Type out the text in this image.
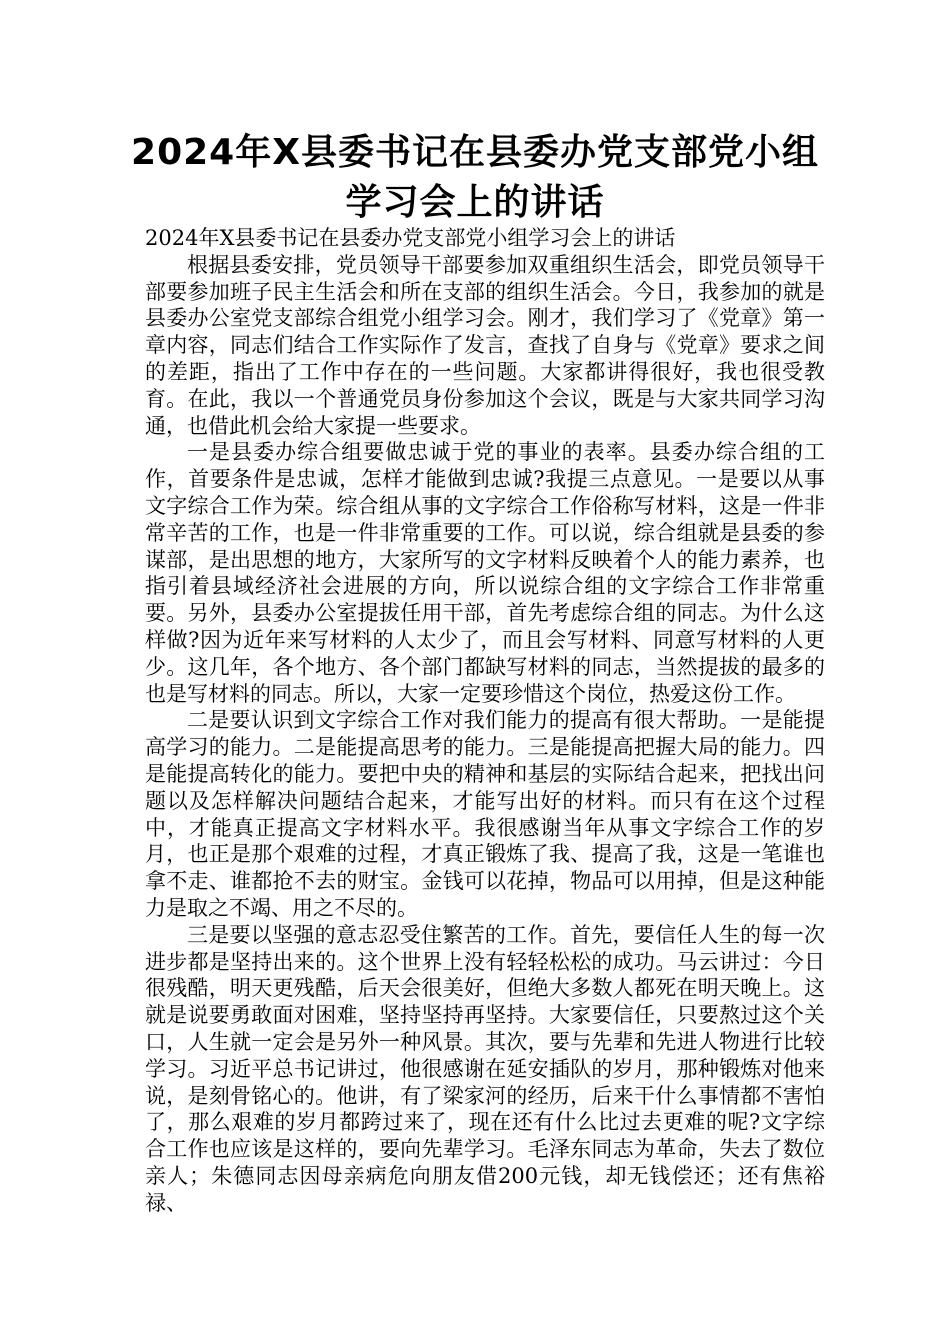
2024年X县委书记在县委办党支部党小组学习会上的讲话

2024年X县委书记在县委办党支部党小组学习会上的讲话

根据县委安排，党员领导干部要参加双重组织生活会，即党员领导干部要参加班子民主生活会和所在支部的组织生活会。今日，我参加的就是县委办公室党支部综合组党小组学习会。刚才，我们学习了《党章》第一章内容，同志们结合工作实际作了发言，查找了自身与《党章》要求之间的差距，指出了工作中存在的一些问题。大家都讲得很好，我也很受教育。在此，我以一个普通党员身份参加这个会议，既是与大家共同学习沟通，也借此机会给大家提一些要求。

一是县委办综合组要做忠诚于党的事业的表率。县委办综合组的工作，首要条件是忠诚，怎样才能做到忠诚?我提三点意见。一是要以从事文字综合工作为荣。综合组从事的文字综合工作俗称写材料，这是一件非常辛苦的工作，也是一件非常重要的工作。可以说，综合组就是县委的参谋部，是出思想的地方，大家所写的文字材料反映着个人的能力素养，也指引着县域经济社会进展的方向，所以说综合组的文字综合工作非常重要。另外，县委办公室提拔任用干部，首先考虑综合组的同志。为什么这样做?因为近年来写材料的人太少了，而且会写材料、同意写材料的人更少。这几年，各个地方、各个部门都缺写材料的同志，当然提拔的最多的也是写材料的同志。所以，大家一定要珍惜这个岗位，热爱这份工作。

二是要认识到文字综合工作对我们能力的提高有很大帮助。一是能提高学习的能力。二是能提高思考的能力。三是能提高把握大局的能力。四是能提高转化的能力。要把中央的精神和基层的实际结合起来，把找出问题以及怎样解决问题结合起来，才能写出好的材料。而只有在这个过程中，才能真正提高文字材料水平。我很感谢当年从事文字综合工作的岁月，也正是那个艰难的过程，才真正锻炼了我、提高了我，这是一笔谁也拿不走、谁都抢不去的财宝。金钱可以花掉，物品可以用掉，但是这种能力是取之不竭、用之不尽的。

三是要以坚强的意志忍受住繁苦的工作。首先，要信任人生的每一次进步都是坚持出来的。这个世界上没有轻轻松松的成功。马云讲过：今日很残酷，明天更残酷，后天会很美好，但绝大多数人都死在明天晚上。这就是说要勇敢面对困难，坚持坚持再坚持。大家要信任，只要熬过这个关口，人生就一定会是另外一种风景。其次，要与先辈和先进人物进行比较学习。习近平总书记讲过，他很感谢在延安插队的岁月，那种锻炼对他来说，是刻骨铭心的。他讲，有了梁家河的经历，后来干什么事情都不害怕了，那么艰难的岁月都跨过来了，现在还有什么比过去更难的呢?文字综合工作也应该是这样的，要向先辈学习。毛泽东同志为革命，失去了数位亲人；朱德同志因母亲病危向朋友借200元钱，却无钱偿还；还有焦裕禄、
